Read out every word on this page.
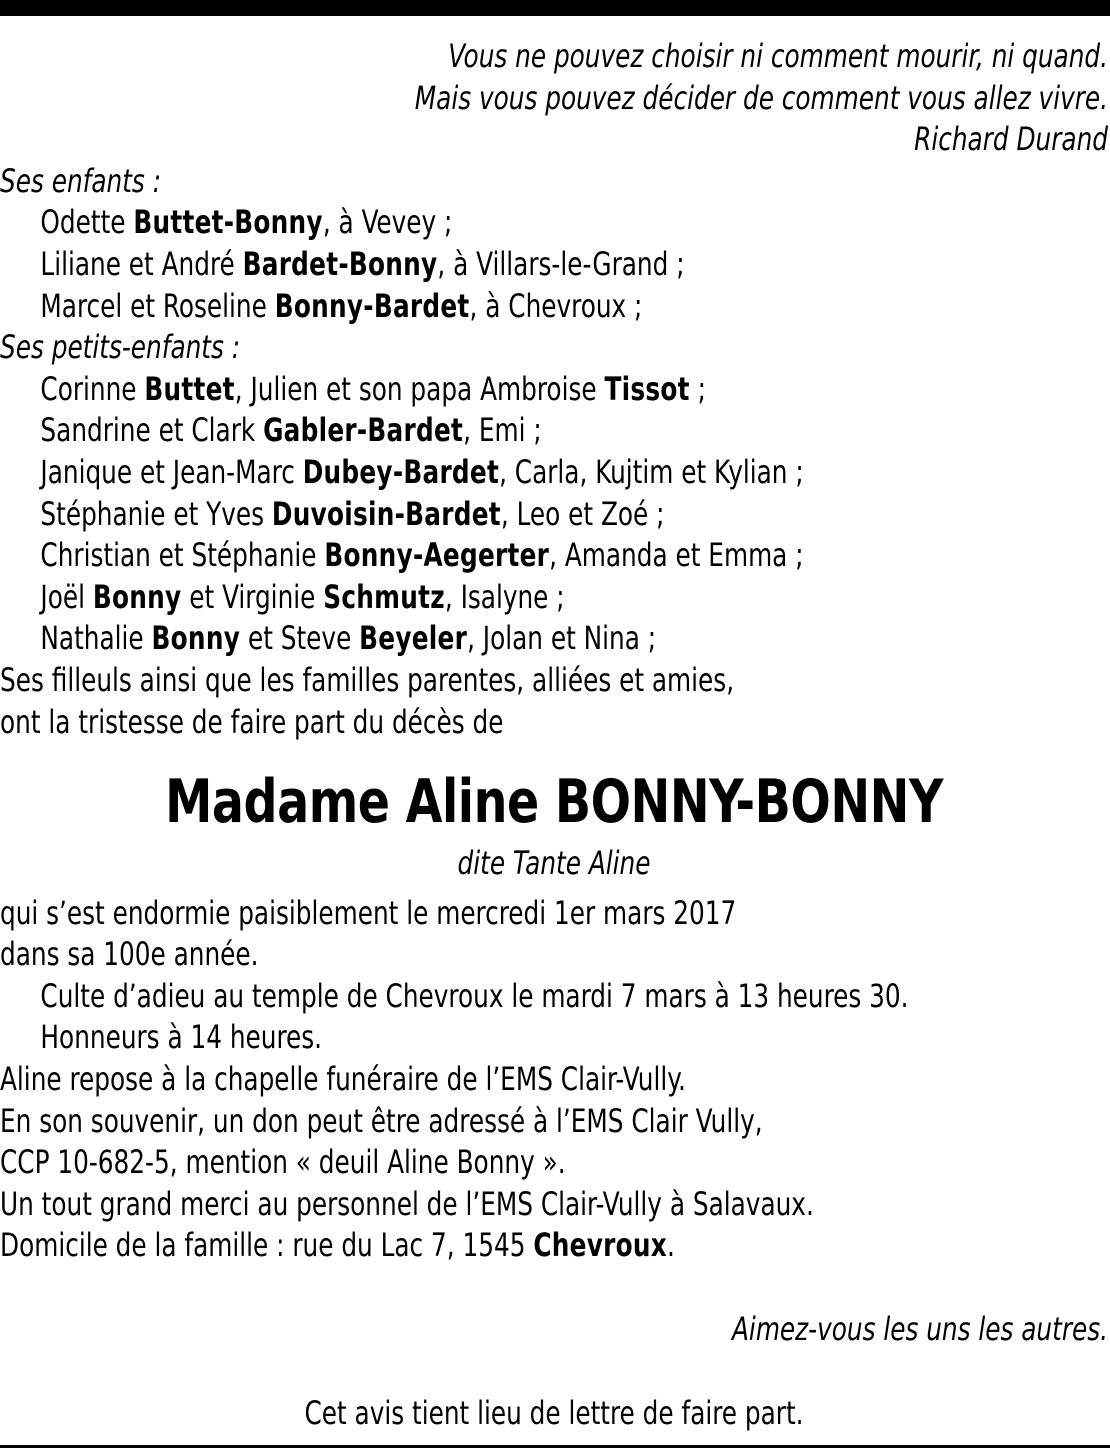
Vous ne pouvez choisir ni comment mourir, ni quand.
Mais vous pouvez décider de comment vous allez vivre.
Richard Durand
Ses enfants :
Odette Buttet-Bonny, à Vevey ;
Liliane et André Bardet-Bonny, à Villars-le-Grand ;
Marcel et Roseline Bonny-Bardet, à Chevroux ;
Ses petits-enfants :
Corinne Buttet, Julien et son papa Ambroise Tissot ;
Sandrine et Clark Gabler-Bardet, Emi ;
Janique et Jean-Marc Dubey-Bardet, Carla, Kujtim et Kylian ;
Stéphanie et Yves Duvoisin-Bardet, Leo et Zoé ;
Christian et Stéphanie Bonny-Aegerter, Amanda et Emma ;
Joël Bonny et Virginie Schmutz, Isalyne ;
Nathalie Bonny et Steve Beyeler, Jolan et Nina ;
Ses filleuls ainsi que les familles parentes, alliées et amies,
ont la tristesse de faire part du décès de
Madame Aline BONNY-BONNY
dite Tante Aline
qui s’est endormie paisiblement le mercredi 1er mars 2017
dans sa 100e année.
Culte d’adieu au temple de Chevroux le mardi 7 mars à 13 heures 30.
Honneurs à 14 heures.
Aline repose à la chapelle funéraire de l’EMS Clair-Vully.
En son souvenir, un don peut être adressé à l’EMS Clair Vully,
CCP 10-682-5, mention « deuil Aline Bonny ».
Un tout grand merci au personnel de l’EMS Clair-Vully à Salavaux.
Domicile de la famille : rue du Lac 7, 1545 Chevroux.
Aimez-vous les uns les autres.
Cet avis tient lieu de lettre de faire part.
